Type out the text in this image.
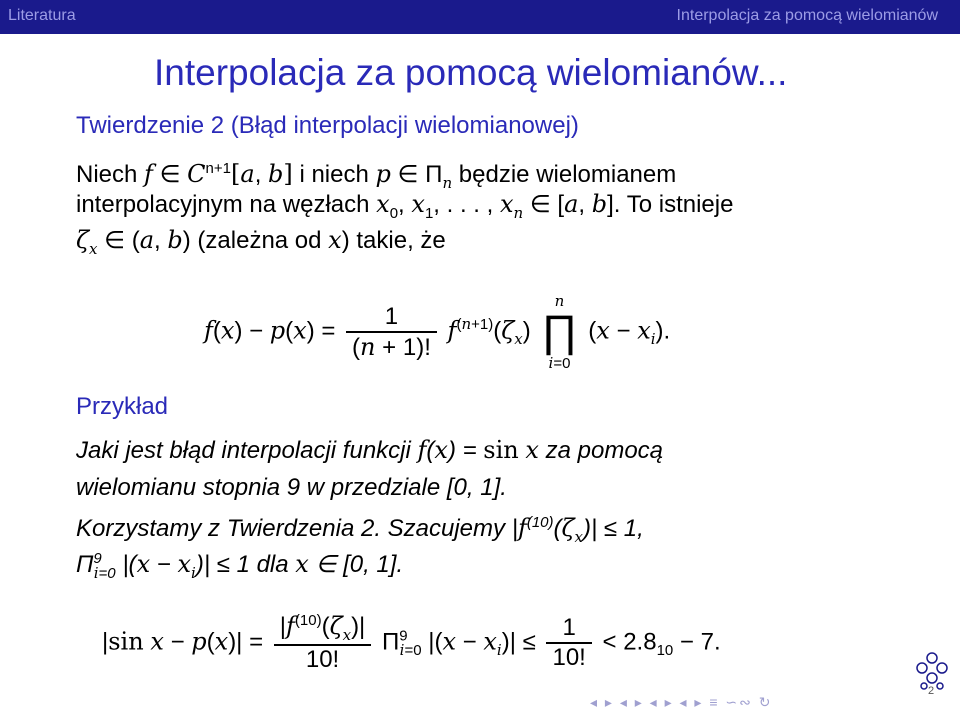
Literatura	Interpolacja za pomocą wielomianów
Interpolacja za pomocą wielomianów...
Twierdzenie 2 (Błąd interpolacji wielomianowej)
Niech f ∈ $C^{n+1}[a$, b] i niech p ∈ $\Pi_n$ będzie wielomianem
interpolacyjnym na węzłach $x_0$, $x_1$, . . . , $x_n$ ∈ [a, b]. To istnieje
$\zeta_x$ ∈ (a, b) (zależna od x) takie, że
$f(x) - p(x) = \frac{1}{(n + 1)!} f^{(n+1)}(\zeta_x)$
n
∏
i=0
$(x - x_i)$.
Przykład
Jaki jest błąd interpolacji funkcji f(x) = sin x za pomocą
wielomianu stopnia 9 w przedziale [0, 1].
Korzystamy z Twierdzenia 2. Szacujemy $|f^{(10)}(\zeta_x)| \le 1$,
$\Pi^9_{i=0}$ $|(x - x_i)| \le 1$ dla x ∈ [0, 1].
|sin $x - p(x)| = \frac{|f^{(10)}(\zeta_x)|}{10!} \Pi^9_{i=0}$ $|(x - x_i)| \le \frac{1}{10!} < 2.8_{10} - 7$.
◂ ▸ ◂ ▸ ◂ ▸ ◂ ▸ ≡ ∽∾ ↻
2
